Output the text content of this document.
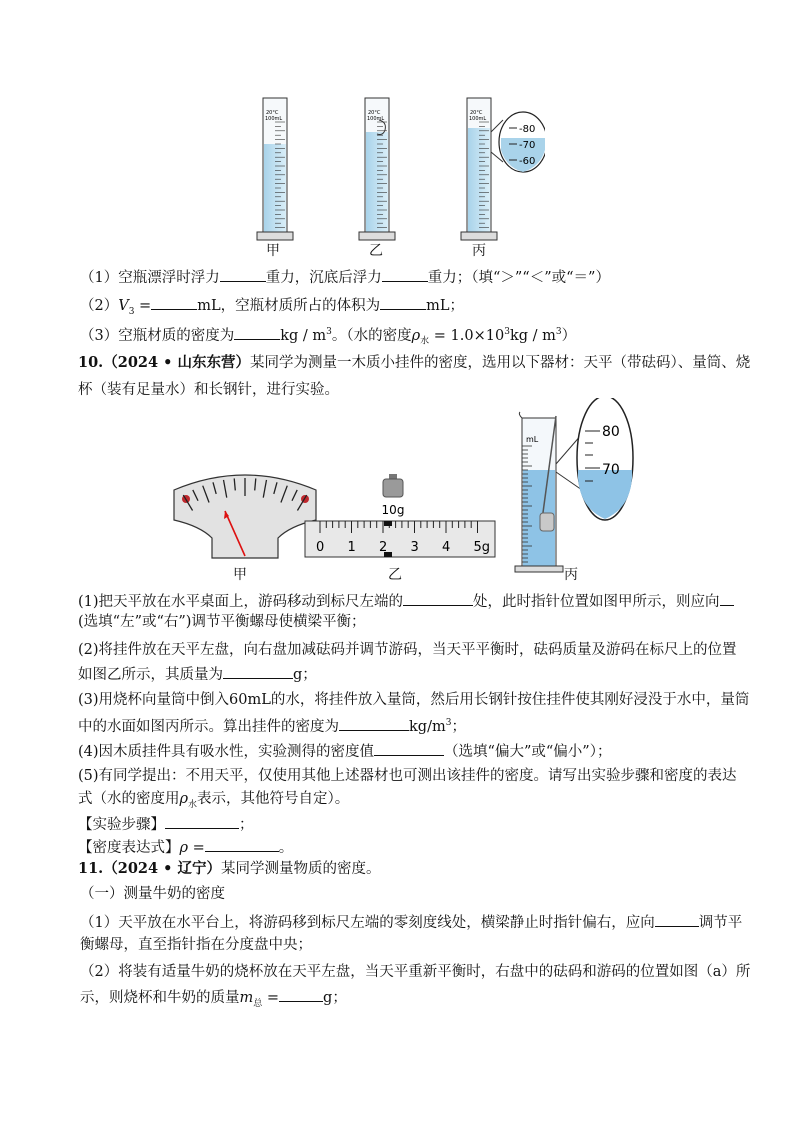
20°C
100mL
20°C
100mL
20°C
100mL
-80
-70
-60
甲	乙	丙
（1）空瓶漂浮时浮力	重力，沉底后浮力	重力；（填“＞”“＜”或“＝”）
$(2)V_3$ =	mL，空瓶材质所占的体积为	mL；
（3）空瓶材质的密度为	kg / $m^3$。（水的密度$\rho_水 = 1.0\times 10^3kg / m^3$）
10.（2024 • 山东东营）某同学为测量一木质小挂件的密度，选用以下器材：天平（带砝码）、量筒、烧
杯（装有足量水）和长钢针，进行实验。
10g
0 1 2 3 4 5g
mL	80
70
甲	乙	丙
(1)把天平放在水平桌面上，游码移动到标尺左端的	处，此时指针位置如图甲所示，则应向
(选填“左”或“右”)调节平衡螺母使横梁平衡；
(2)将挂件放在天平左盘，向右盘加减砝码并调节游码，当天平平衡时，砝码质量及游码在标尺上的位置
如图乙所示，其质量为	g；
(3)用烧杯向量筒中倒入60mL的水，将挂件放入量筒，然后用长钢针按住挂件使其刚好浸没于水中，量筒
中的水面如图丙所示。算出挂件的密度为	$kg/m^3$；
(4)因木质挂件具有吸水性，实验测得的密度值	（选填“偏大”或“偏小”）；
(5)有同学提出：不用天平，仅使用其他上述器材也可测出该挂件的密度。请写出实验步骤和密度的表达
式（水的密度用$\rho_水$表示，其他符号自定）。
【实验步骤】	；
【密度表达式】ρ =	。
11.（2024 • 辽宁）某同学测量物质的密度。
（一）测量牛奶的密度
（1）天平放在水平台上，将游码移到标尺左端的零刻度线处，横梁静止时指针偏右，应向	调节平
衡螺母，直至指针指在分度盘中央；
（2）将装有适量牛奶的烧杯放在天平左盘，当天平重新平衡时，右盘中的砝码和游码的位置如图（a）所
示，则烧杯和牛奶的质量$m_总$ =	g；
